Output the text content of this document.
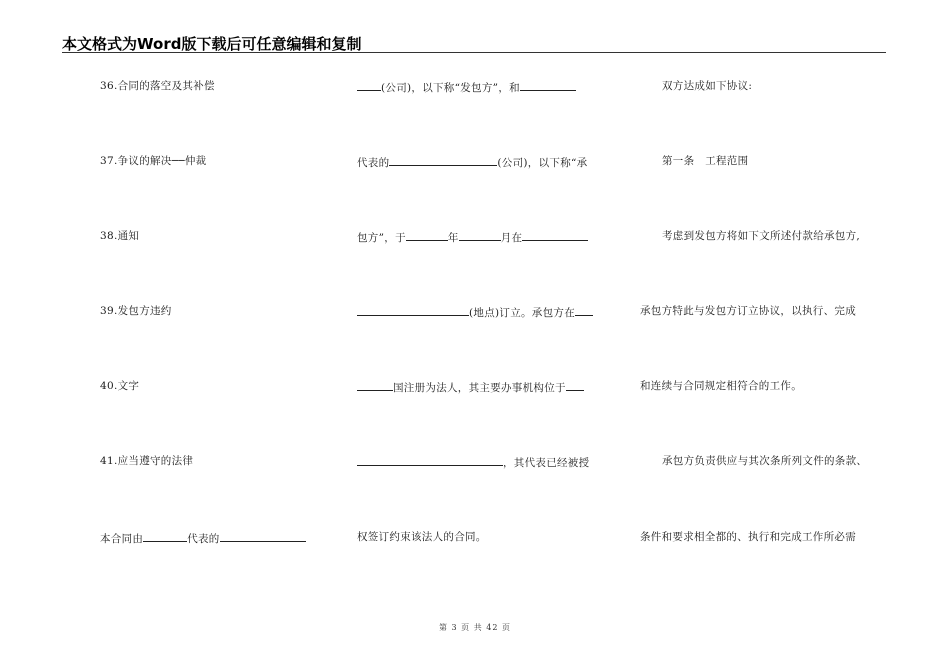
本文格式为Word版下载后可任意编辑和复制
36.合同的落空及其补偿
37.争议的解决──仲裁
38.通知
39.发包方违约
40.文字
41.应当遵守的法律
本合同由	代表的
(公司)，以下称“发包方”，和
代表的	(公司)，以下称“承
包方”，于	年	月在
(地点)订立。承包方在
国注册为法人，其主要办事机构位于
，其代表已经被授
权签订约束该法人的合同。
双方达成如下协议:
第一条　工程范围
考虑到发包方将如下文所述付款给承包方,
承包方特此与发包方订立协议，以执行、完成
和连续与合同规定相符合的工作。
承包方负责供应与其次条所列文件的条款、
条件和要求相全都的、执行和完成工作所必需
第 3 页 共 42 页
